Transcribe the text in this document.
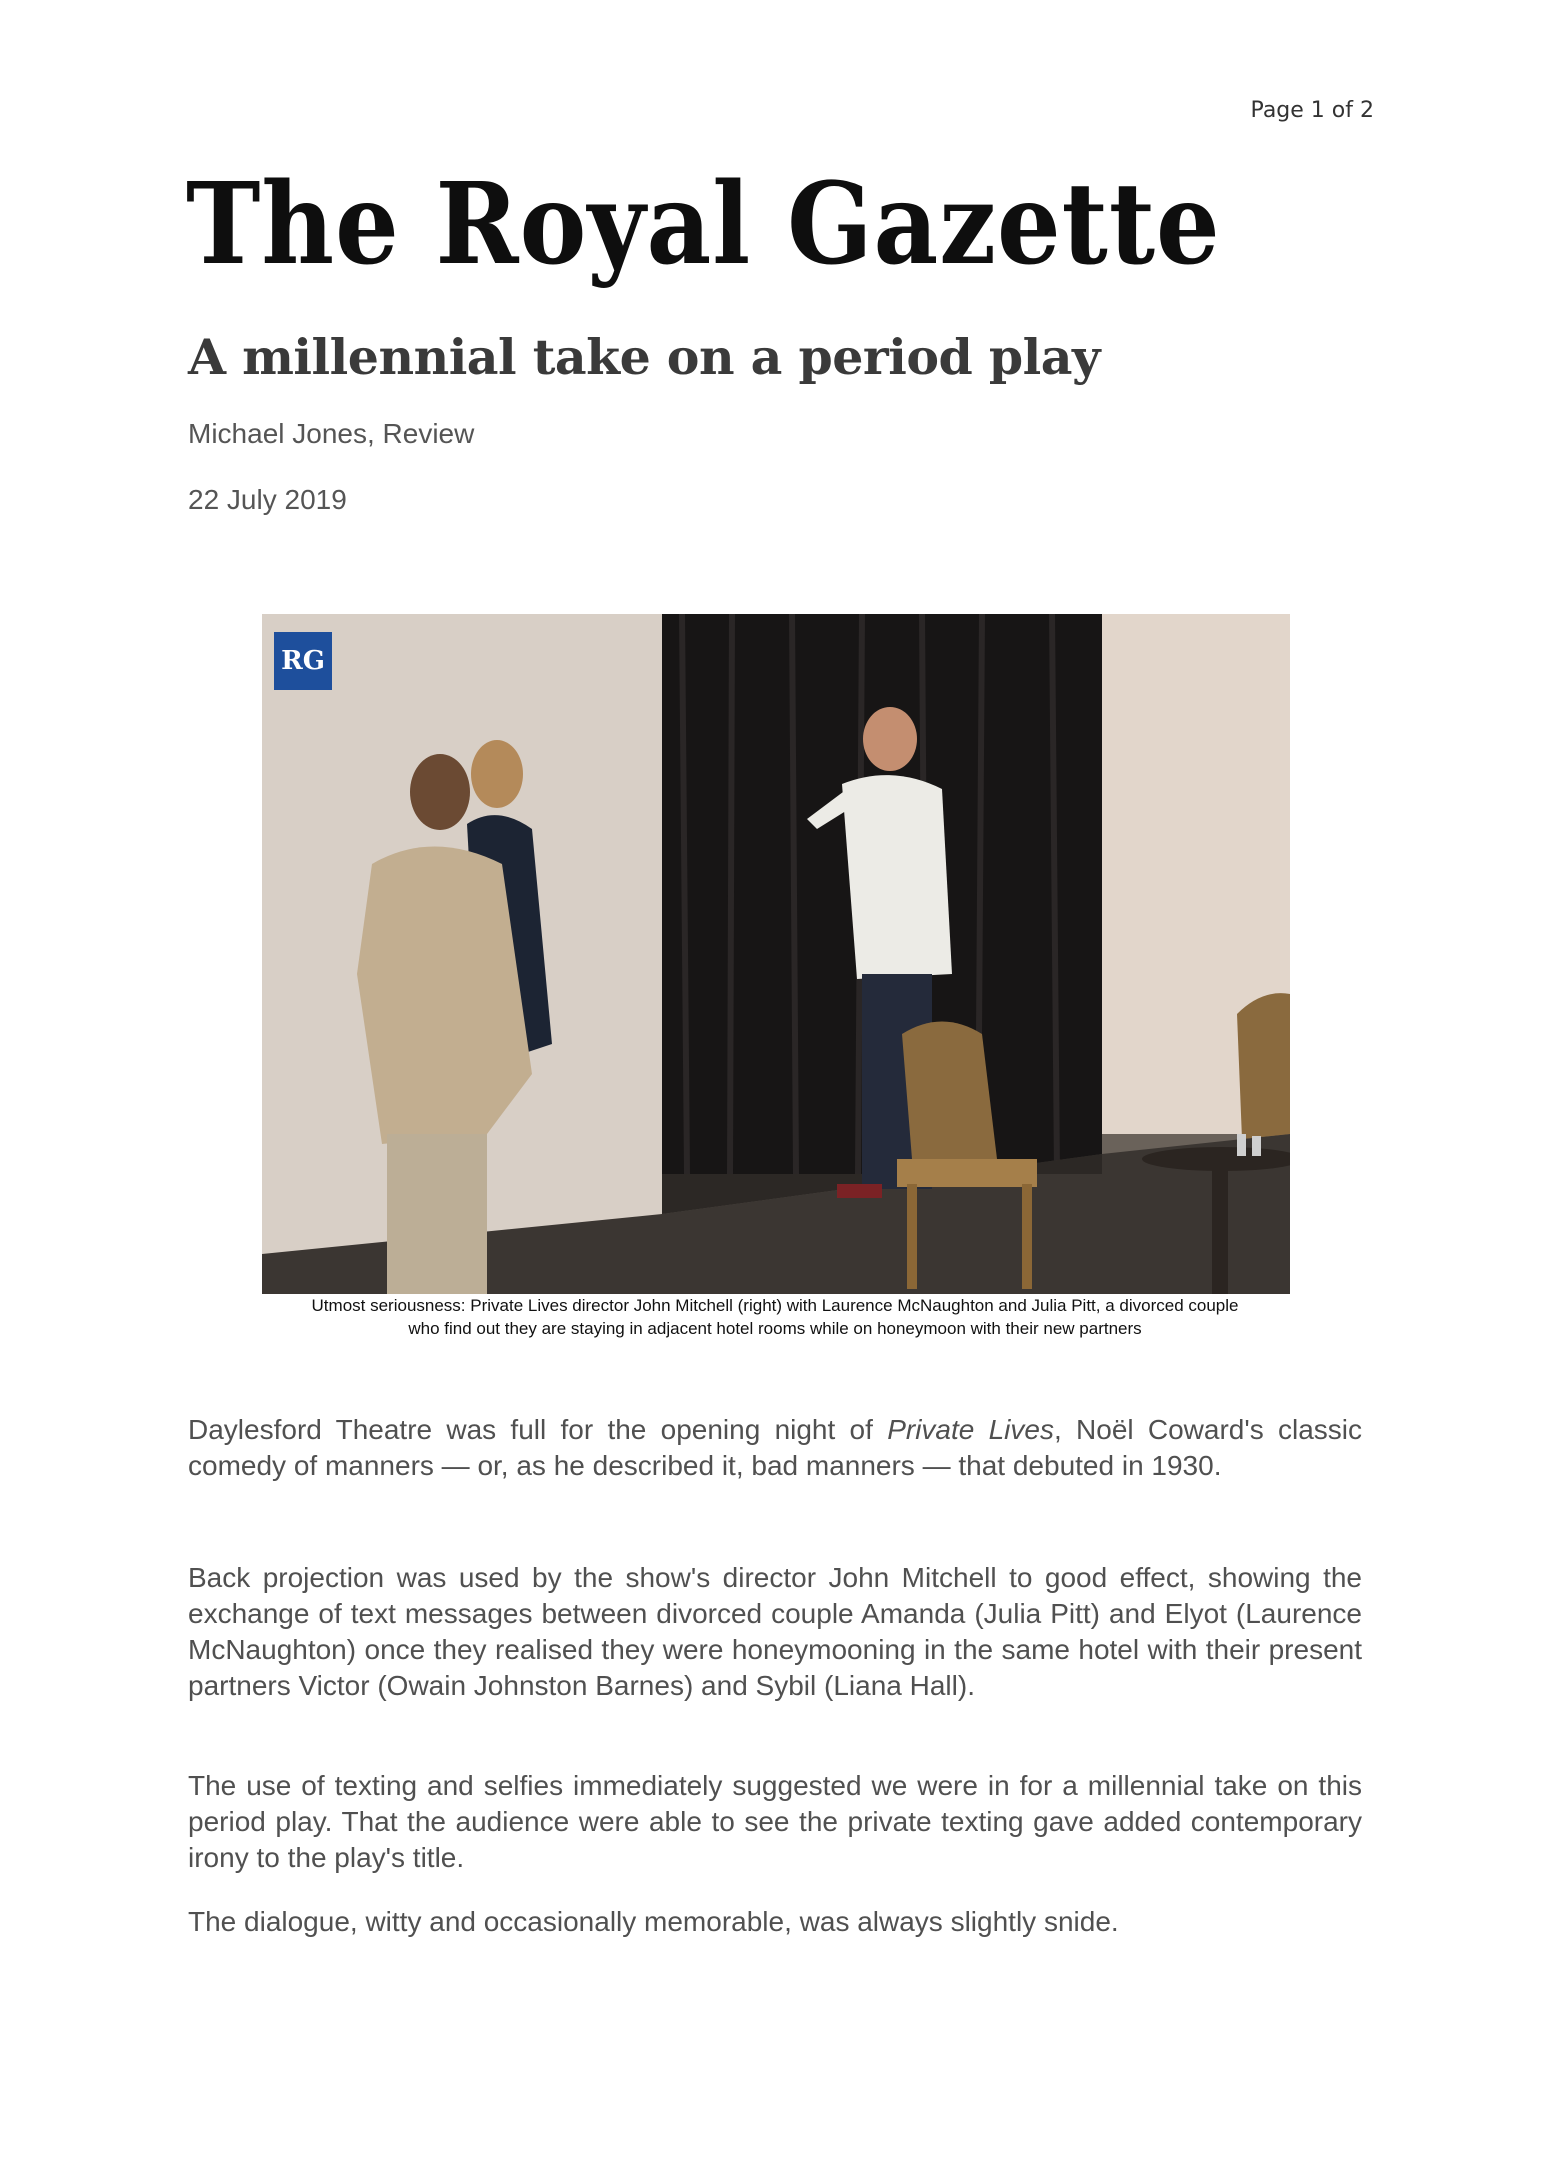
Page 1 of 2
The Royal Gazette
A millennial take on a period play
Michael Jones, Review
22 July 2019
RG
Utmost seriousness: Private Lives director John Mitchell (right) with Laurence McNaughton and Julia Pitt, a divorced couple
who find out they are staying in adjacent hotel rooms while on honeymoon with their new partners

Daylesford Theatre was full for the opening night of Private Lives, Noël Coward's classic comedy of manners — or, as he described it, bad manners — that debuted in 1930.

Back projection was used by the show's director John Mitchell to good effect, showing the exchange of text messages between divorced couple Amanda (Julia Pitt) and Elyot (Laurence McNaughton) once they realised they were honeymooning in the same hotel with their present partners Victor (Owain Johnston Barnes) and Sybil (Liana Hall).

The use of texting and selfies immediately suggested we were in for a millennial take on this period play. That the audience were able to see the private texting gave added contemporary irony to the play's title.

The dialogue, witty and occasionally memorable, was always slightly snide.
